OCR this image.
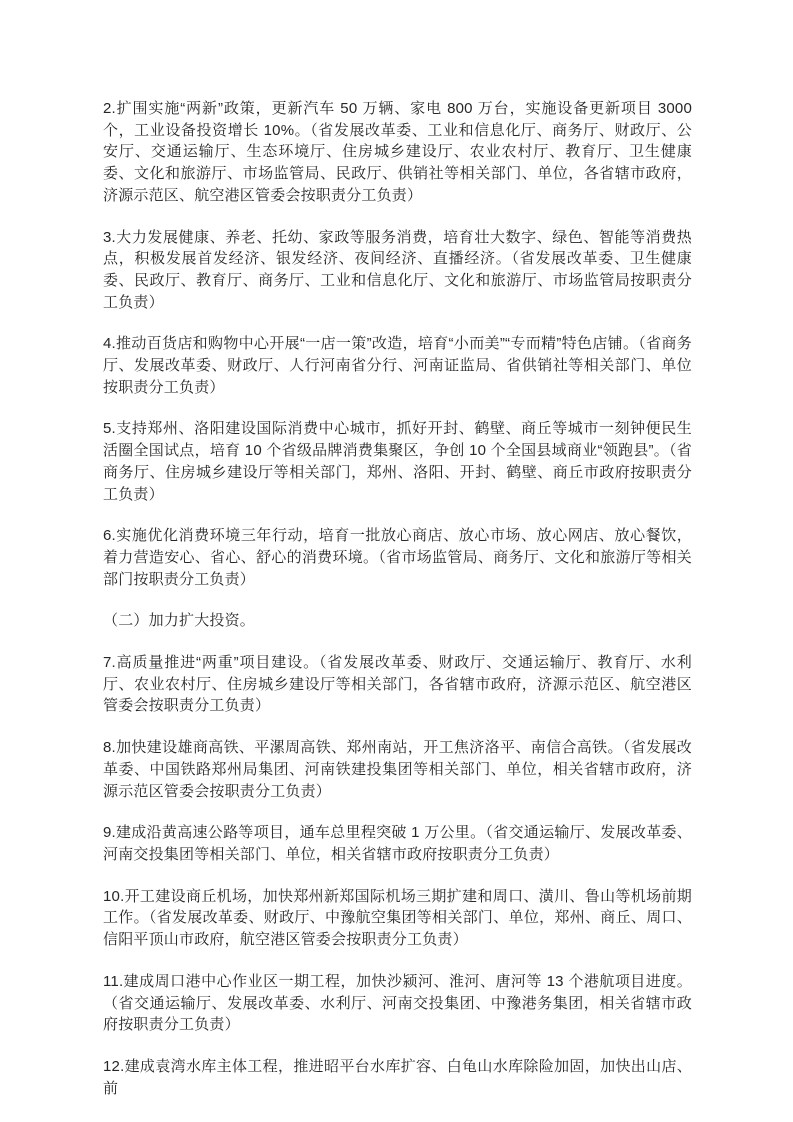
2.扩围实施“两新”政策，更新汽车 50 万辆、家电 800 万台，实施设备更新项目 3000 个，工业设备投资增长 10%。（省发展改革委、工业和信息化厅、商务厅、财政厅、公安厅、交通运输厅、生态环境厅、住房城乡建设厅、农业农村厅、教育厅、卫生健康委、文化和旅游厅、市场监管局、民政厅、供销社等相关部门、单位，各省辖市政府，济源示范区、航空港区管委会按职责分工负责）

3.大力发展健康、养老、托幼、家政等服务消费，培育壮大数字、绿色、智能等消费热点，积极发展首发经济、银发经济、夜间经济、直播经济。（省发展改革委、卫生健康委、民政厅、教育厅、商务厅、工业和信息化厅、文化和旅游厅、市场监管局按职责分工负责）

4.推动百货店和购物中心开展“一店一策”改造，培育“小而美”“专而精”特色店铺。（省商务厅、发展改革委、财政厅、人行河南省分行、河南证监局、省供销社等相关部门、单位按职责分工负责）

5.支持郑州、洛阳建设国际消费中心城市，抓好开封、鹤壁、商丘等城市一刻钟便民生活圈全国试点，培育 10 个省级品牌消费集聚区，争创 10 个全国县域商业“领跑县”。（省商务厅、住房城乡建设厅等相关部门，郑州、洛阳、开封、鹤壁、商丘市政府按职责分工负责）

6.实施优化消费环境三年行动，培育一批放心商店、放心市场、放心网店、放心餐饮，着力营造安心、省心、舒心的消费环境。（省市场监管局、商务厅、文化和旅游厅等相关部门按职责分工负责）

（二）加力扩大投资。

7.高质量推进“两重”项目建设。（省发展改革委、财政厅、交通运输厅、教育厅、水利厅、农业农村厅、住房城乡建设厅等相关部门，各省辖市政府，济源示范区、航空港区管委会按职责分工负责）

8.加快建设雄商高铁、平漯周高铁、郑州南站，开工焦济洛平、南信合高铁。（省发展改革委、中国铁路郑州局集团、河南铁建投集团等相关部门、单位，相关省辖市政府，济源示范区管委会按职责分工负责）

9.建成沿黄高速公路等项目，通车总里程突破 1 万公里。（省交通运输厅、发展改革委、河南交投集团等相关部门、单位，相关省辖市政府按职责分工负责）

10.开工建设商丘机场，加快郑州新郑国际机场三期扩建和周口、潢川、鲁山等机场前期工作。（省发展改革委、财政厅、中豫航空集团等相关部门、单位，郑州、商丘、周口、信阳平顶山市政府，航空港区管委会按职责分工负责）

11.建成周口港中心作业区一期工程，加快沙颍河、淮河、唐河等 13 个港航项目进度。（省交通运输厅、发展改革委、水利厅、河南交投集团、中豫港务集团，相关省辖市政府按职责分工负责）

12.建成袁湾水库主体工程，推进昭平台水库扩容、白龟山水库除险加固，加快出山店、前
